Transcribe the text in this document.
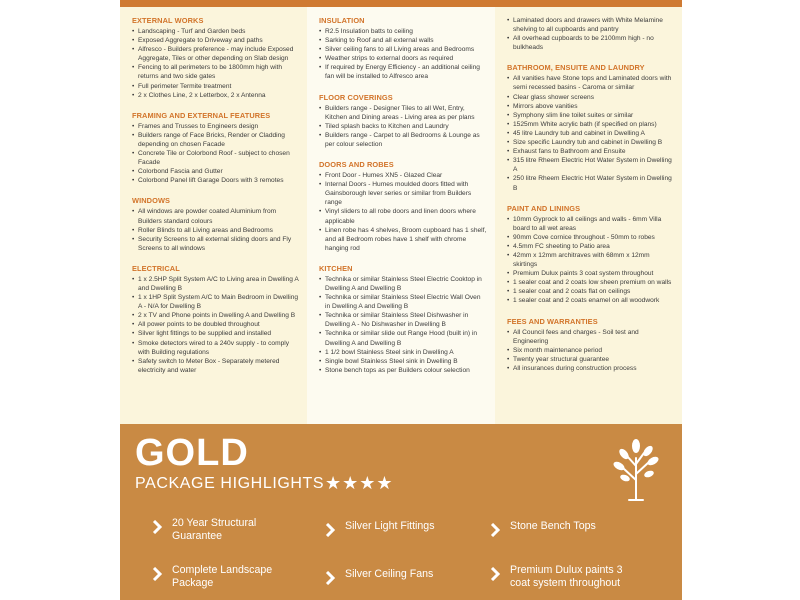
EXTERNAL WORKS
• Landscaping - Turf and Garden beds
• Exposed Aggregate to Driveway and paths
• Alfresco - Builders preference - may include Exposed Aggregate, Tiles or other depending on Slab design
• Fencing to all perimeters to be 1800mm high with returns and two side gates
• Full perimeter Termite treatment
• 2 x Clothes Line, 2 x Letterbox, 2 x Antenna
FRAMING AND EXTERNAL FEATURES
• Frames and Trusses to Engineers design
• Builders range of Face Bricks, Render or Cladding depending on chosen Facade
• Concrete Tile or Colorbond Roof - subject to chosen Facade
• Colorbond Fascia and Gutter
• Colorbond Panel lift Garage Doors with 3 remotes
WINDOWS
• All windows are powder coated Aluminium from Builders standard colours
• Roller Blinds to all Living areas and Bedrooms
• Security Screens to all external sliding doors and Fly Screens to all windows
ELECTRICAL
• 1 x 2.5HP Split System A/C to Living area in Dwelling A and Dwelling B
• 1 x 1HP Split System A/C to Main Bedroom in Dwelling A - N/A for Dwelling B
• 2 x TV and Phone points in Dwelling A and Dwelling B
• All power points to be doubled throughout
• Silver light fittings to be supplied and installed
• Smoke detectors wired to a 240v supply - to comply with Building regulations
• Safety switch to Meter Box - Separately metered electricity and water
INSULATION
• R2.5 Insulation batts to ceiling
• Sarking to Roof and all external walls
• Silver ceiling fans to all Living areas and Bedrooms
• Weather strips to external doors as required
• If required by Energy Efficiency - an additional ceiling fan will be installed to Alfresco area
FLOOR COVERINGS
• Builders range - Designer Tiles to all Wet, Entry, Kitchen and Dining areas - Living area as per plans
• Tiled splash backs to Kitchen and Laundry
• Builders range - Carpet to all Bedrooms & Lounge as per colour selection
DOORS AND ROBES
• Front Door - Humes XN5 - Glazed Clear
• Internal Doors - Humes moulded doors fitted with Gainsborough lever series or similar from Builders range
• Vinyl sliders to all robe doors and linen doors where applicable
• Linen robe has 4 shelves, Broom cupboard has 1 shelf, and all Bedroom robes have 1 shelf with chrome hanging rod
KITCHEN
• Technika or similar Stainless Steel Electric Cooktop in Dwelling A and Dwelling B
• Technika or similar Stainless Steel Electric Wall Oven in Dwelling A and Dwelling B
• Technika or similar Stainless Steel Dishwasher in Dwelling A - No Dishwasher in Dwelling B
• Technika or similar slide out Range Hood (built in) in Dwelling A and Dwelling B
• 1 1/2 bowl Stainless Steel sink in Dwelling A
• Single bowl Stainless Steel sink in Dwelling B
• Stone bench tops as per Builders colour selection
• Laminated doors and drawers with White Melamine shelving to all cupboards and pantry
• All overhead cupboards to be 2100mm high - no bulkheads
BATHROOM, ENSUITE AND LAUNDRY
• All vanities have Stone tops and Laminated doors with semi recessed basins - Caroma or similar
• Clear glass shower screens
• Mirrors above vanities
• Symphony slim line toilet suites or similar
• 1525mm White acrylic bath (if specified on plans)
• 45 litre Laundry tub and cabinet in Dwelling A
• Size specific Laundry tub and cabinet in Dwelling B
• Exhaust fans to Bathroom and Ensuite
• 315 litre Rheem Electric Hot Water System in Dwelling A
• 250 litre Rheem Electric Hot Water System in Dwelling B
PAINT AND LININGS
• 10mm Gyprock to all ceilings and walls - 6mm Villa board to all wet areas
• 90mm Cove cornice throughout - 50mm to robes
• 4.5mm FC sheeting to Patio area
• 42mm x 12mm architraves with 68mm x 12mm skirtings
• Premium Dulux paints 3 coat system throughout
• 1 sealer coat and 2 coats low sheen premium on walls
• 1 sealer coat and 2 coats flat on ceilings
• 1 sealer coat and 2 coats enamel on all woodwork
FEES AND WARRANTIES
• All Council fees and charges - Soil test and Engineering
• Six month maintenance period
• Twenty year structural guarantee
• All insurances during construction process
GOLD
PACKAGE HIGHLIGHTS ★★★★
20 Year Structural
Guarantee
Silver Light Fittings	Stone Bench Tops
Complete Landscape
Package
Silver Ceiling Fans	Premium Dulux paints 3
coat system throughout
